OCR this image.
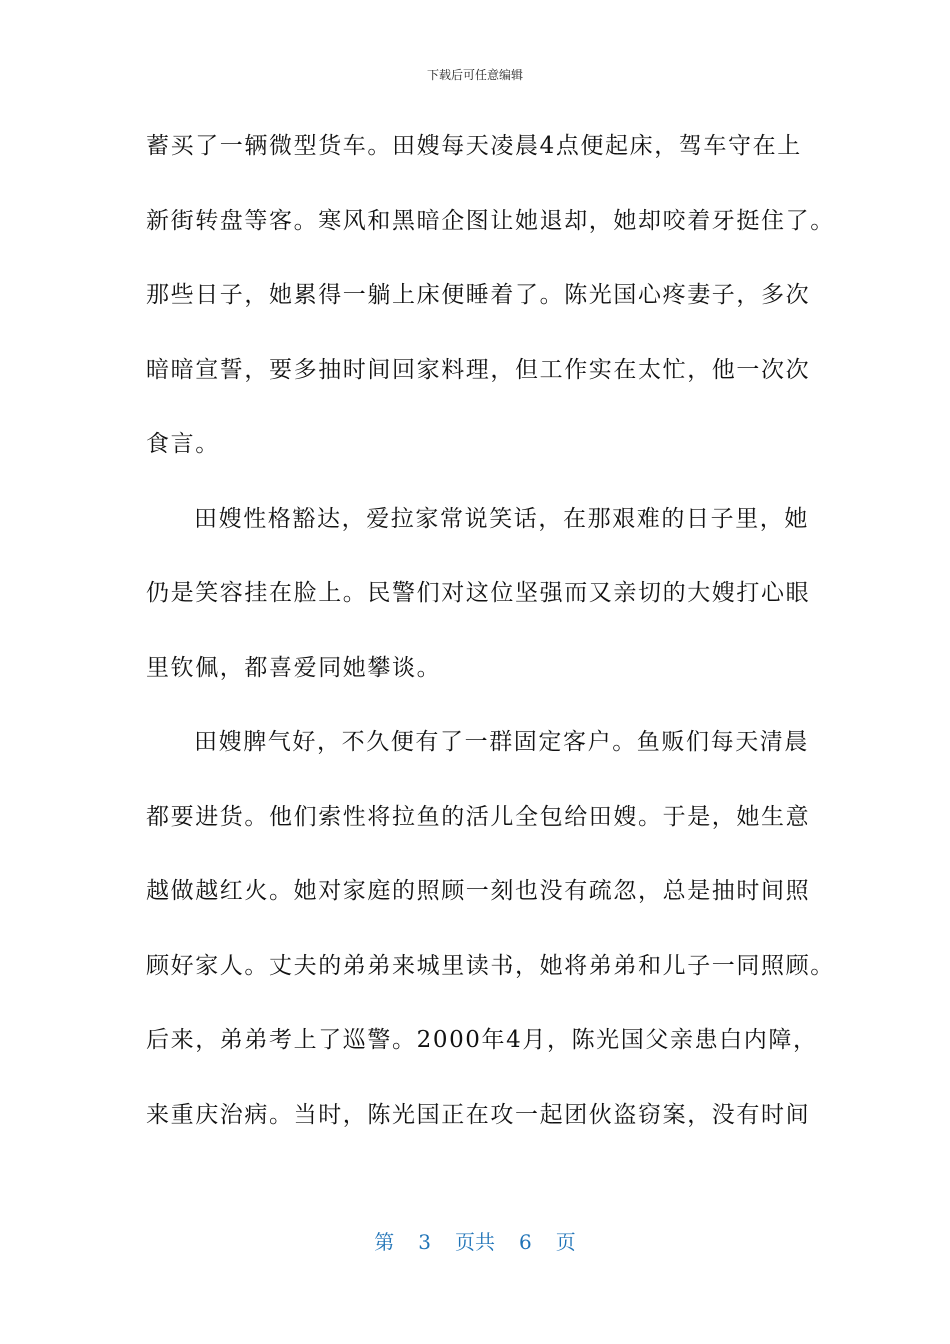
下载后可任意编辑
蓄买了一辆微型货车。田嫂每天凌晨4点便起床，驾车守在上
新街转盘等客。寒风和黑暗企图让她退却，她却咬着牙挺住了。
那些日子，她累得一躺上床便睡着了。陈光国心疼妻子，多次
暗暗宣誓，要多抽时间回家料理，但工作实在太忙，他一次次
食言。
田嫂性格豁达，爱拉家常说笑话，在那艰难的日子里，她
仍是笑容挂在脸上。民警们对这位坚强而又亲切的大嫂打心眼
里钦佩，都喜爱同她攀谈。
田嫂脾气好，不久便有了一群固定客户。鱼贩们每天清晨
都要进货。他们索性将拉鱼的活儿全包给田嫂。于是，她生意
越做越红火。她对家庭的照顾一刻也没有疏忽，总是抽时间照
顾好家人。丈夫的弟弟来城里读书，她将弟弟和儿子一同照顾。
后来，弟弟考上了巡警。2000年4月，陈光国父亲患白内障，
来重庆治病。当时，陈光国正在攻一起团伙盗窃案，没有时间
第 3 页共 6 页
